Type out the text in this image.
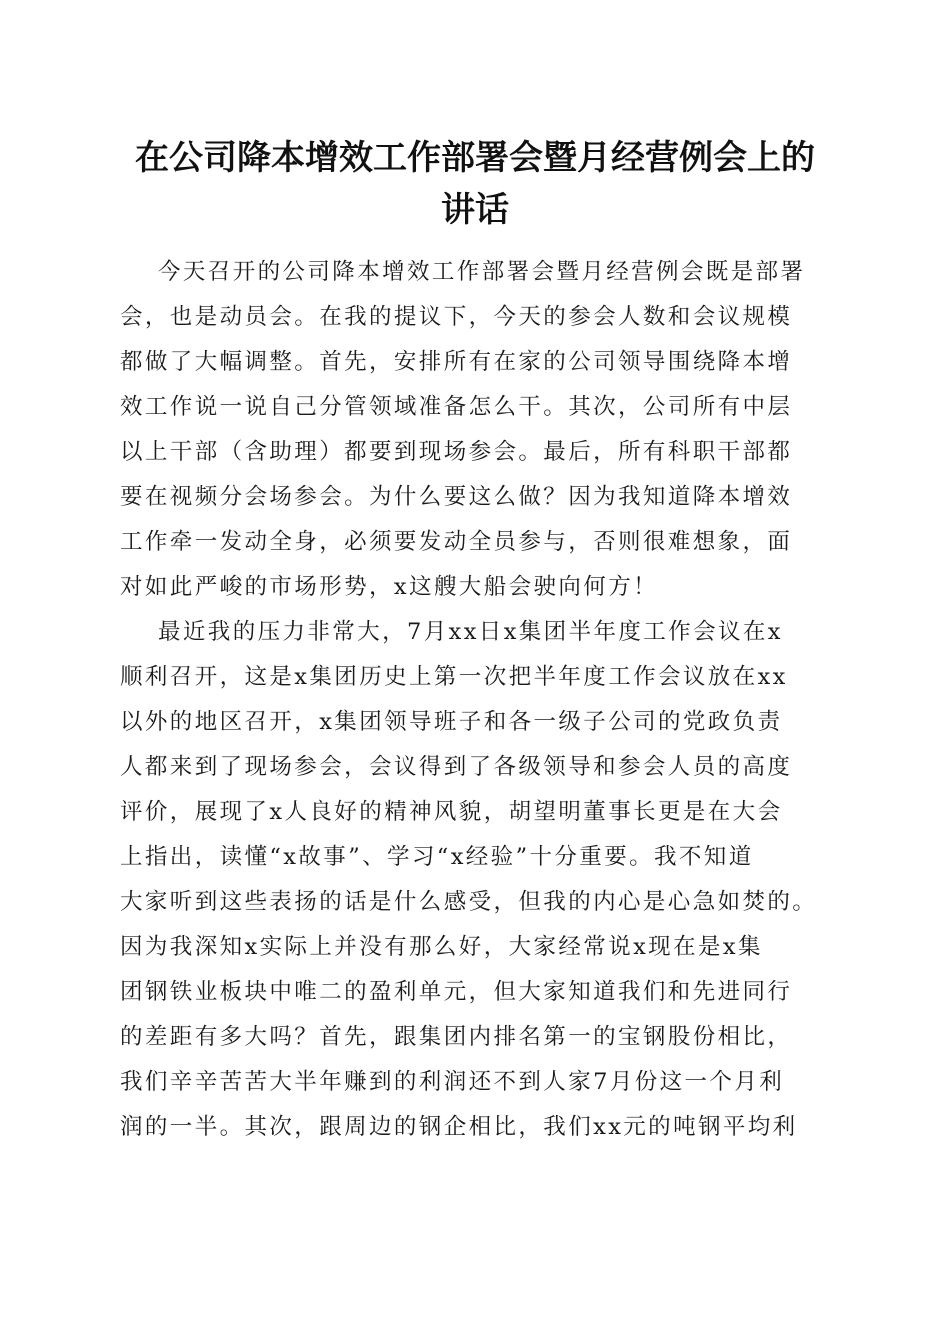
在公司降本增效工作部署会暨月经营例会上的
讲话
今天召开的公司降本增效工作部署会暨月经营例会既是部署
会，也是动员会。在我的提议下，今天的参会人数和会议规模
都做了大幅调整。首先，安排所有在家的公司领导围绕降本增
效工作说一说自己分管领域准备怎么干。其次，公司所有中层
以上干部（含助理）都要到现场参会。最后，所有科职干部都
要在视频分会场参会。为什么要这么做？因为我知道降本增效
工作牵一发动全身，必须要发动全员参与，否则很难想象，面
对如此严峻的市场形势，x这艘大船会驶向何方！
最近我的压力非常大，7月xx日x集团半年度工作会议在x
顺利召开，这是x集团历史上第一次把半年度工作会议放在xx
以外的地区召开，x集团领导班子和各一级子公司的党政负责
人都来到了现场参会，会议得到了各级领导和参会人员的高度
评价，展现了x人良好的精神风貌，胡望明董事长更是在大会
上指出，读懂“x故事”、学习“x经验”十分重要。我不知道
大家听到这些表扬的话是什么感受，但我的内心是心急如焚的。
因为我深知x实际上并没有那么好，大家经常说x现在是x集
团钢铁业板块中唯二的盈利单元，但大家知道我们和先进同行
的差距有多大吗？首先，跟集团内排名第一的宝钢股份相比，
我们辛辛苦苦大半年赚到的利润还不到人家7月份这一个月利
润的一半。其次，跟周边的钢企相比，我们xx元的吨钢平均利
